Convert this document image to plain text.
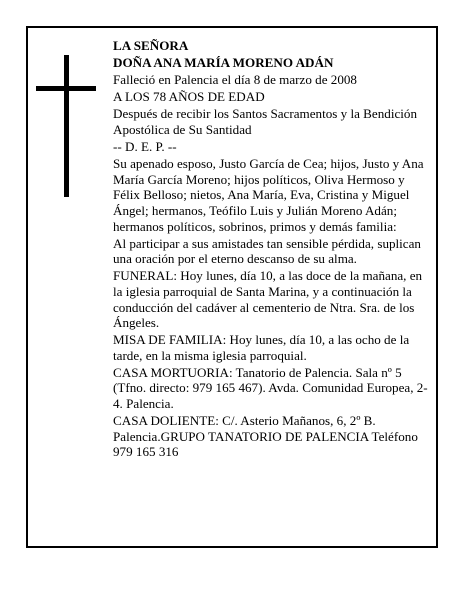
LA SEÑORA

DOÑA ANA MARÍA MORENO ADÁN

Falleció en Palencia el día 8 de marzo de 2008

A LOS 78 AÑOS DE EDAD

Después de recibir los Santos Sacramentos y la Bendición Apostólica de Su Santidad

-- D. E. P. --

Su apenado esposo, Justo García de Cea; hijos, Justo y Ana María García Moreno; hijos políticos, Oliva Hermoso y Félix Belloso; nietos, Ana María, Eva, Cristina y Miguel Ángel; hermanos, Teófilo Luis y Julián Moreno Adán; hermanos políticos, sobrinos, primos y demás familia:

Al participar a sus amistades tan sensible pérdida, suplican una oración por el eterno descanso de su alma.

FUNERAL: Hoy lunes, día 10, a las doce de la mañana, en la iglesia parroquial de Santa Marina, y a continuación la conducción del cadáver al cementerio de Ntra. Sra. de los Ángeles.

MISA DE FAMILIA: Hoy lunes, día 10, a las ocho de la tarde, en la misma iglesia parroquial.

CASA MORTUORIA: Tanatorio de Palencia. Sala nº 5 (Tfno. directo: 979 165 467). Avda. Comunidad Europea, 2-4. Palencia.

CASA DOLIENTE: C/. Asterio Mañanos, 6, 2º B. Palencia.GRUPO TANATORIO DE PALENCIA Teléfono 979 165 316
